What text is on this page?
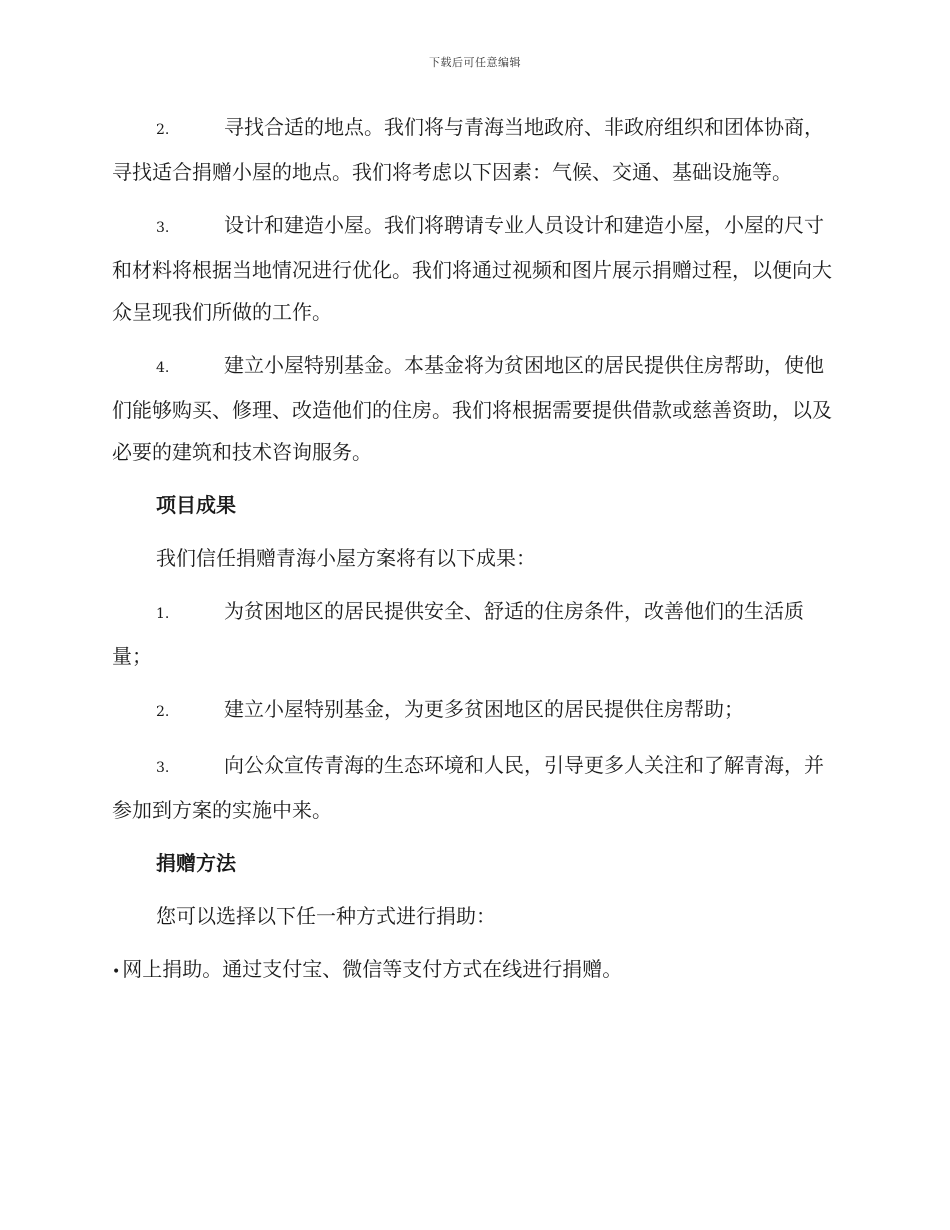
下载后可任意编辑
2.	寻找合适的地点。我们将与青海当地政府、非政府组织和团体协商，寻找适合捐赠小屋的地点。我们将考虑以下因素：气候、交通、基础设施等。
3.	设计和建造小屋。我们将聘请专业人员设计和建造小屋，小屋的尺寸和材料将根据当地情况进行优化。我们将通过视频和图片展示捐赠过程，以便向大众呈现我们所做的工作。
4.	建立小屋特别基金。本基金将为贫困地区的居民提供住房帮助，使他们能够购买、修理、改造他们的住房。我们将根据需要提供借款或慈善资助，以及必要的建筑和技术咨询服务。
项目成果
我们信任捐赠青海小屋方案将有以下成果：
1.	为贫困地区的居民提供安全、舒适的住房条件，改善他们的生活质量；
2.	建立小屋特别基金，为更多贫困地区的居民提供住房帮助；
3.	向公众宣传青海的生态环境和人民，引导更多人关注和了解青海，并参加到方案的实施中来。
捐赠方法
您可以选择以下任一种方式进行捐助：
• 网上捐助。通过支付宝、微信等支付方式在线进行捐赠。
